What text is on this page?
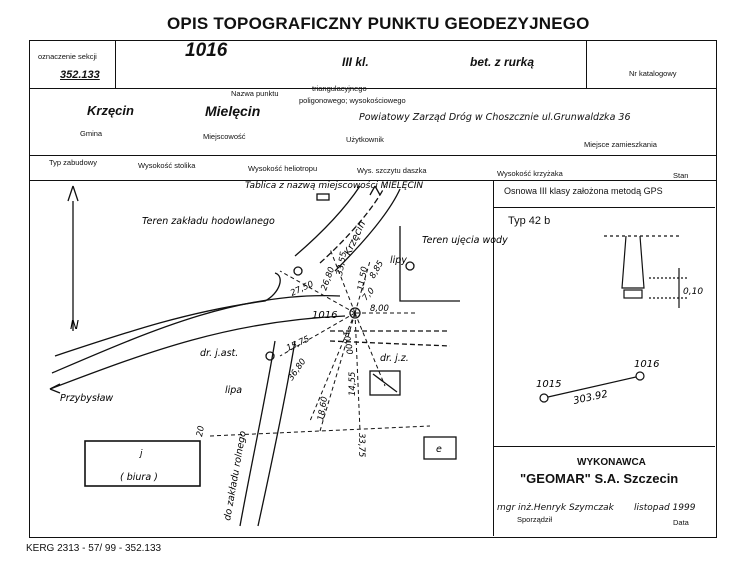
OPIS TOPOGRAFICZNY PUNKTU GEODEZYJNEGO
oznaczenie sekcji
352.133
1016
III kl.	bet. z rurką
Nr katalogowy
Nazwa punktu
triangulacyjnego
poligonowego; wysokościowego
Krzęcin
Gmina
Mielęcin
Miejscowość
Powiatowy Zarząd Dróg w Choszcznie ul.Grunwaldzka 36
Użytkownik
Miejsce zamieszkania
Typ zabudowy	Wysokość stolika	Wysokość heliotropu	Wys. szczytu daszka	Wysokość krzyżaka	Stan
Tablica z nazwą miejscowości MIELĘCIN
Teren zakładu hodowlanego
Teren ujęcia wody
Krzęcin
Przybysław
do zakładu rolnego
dr. j.ast.	dr. j.z.
lipy
lipa
1016
( biura )
j	e
N
27,50 26,80
33,55
11,50
8,85
7,0
8,00
15,75
36,80
10,00
14,55
18,60
33,75
20
Osnowa III klasy założona metodą GPS
Typ 42 b
0,10
1015
1016
303.92
WYKONAWCA
"GEOMAR" S.A. Szczecin
mgr inż.Henryk Szymczak
Sporządził
listopad 1999
Data
KERG 2313 - 57/ 99 - 352.133
